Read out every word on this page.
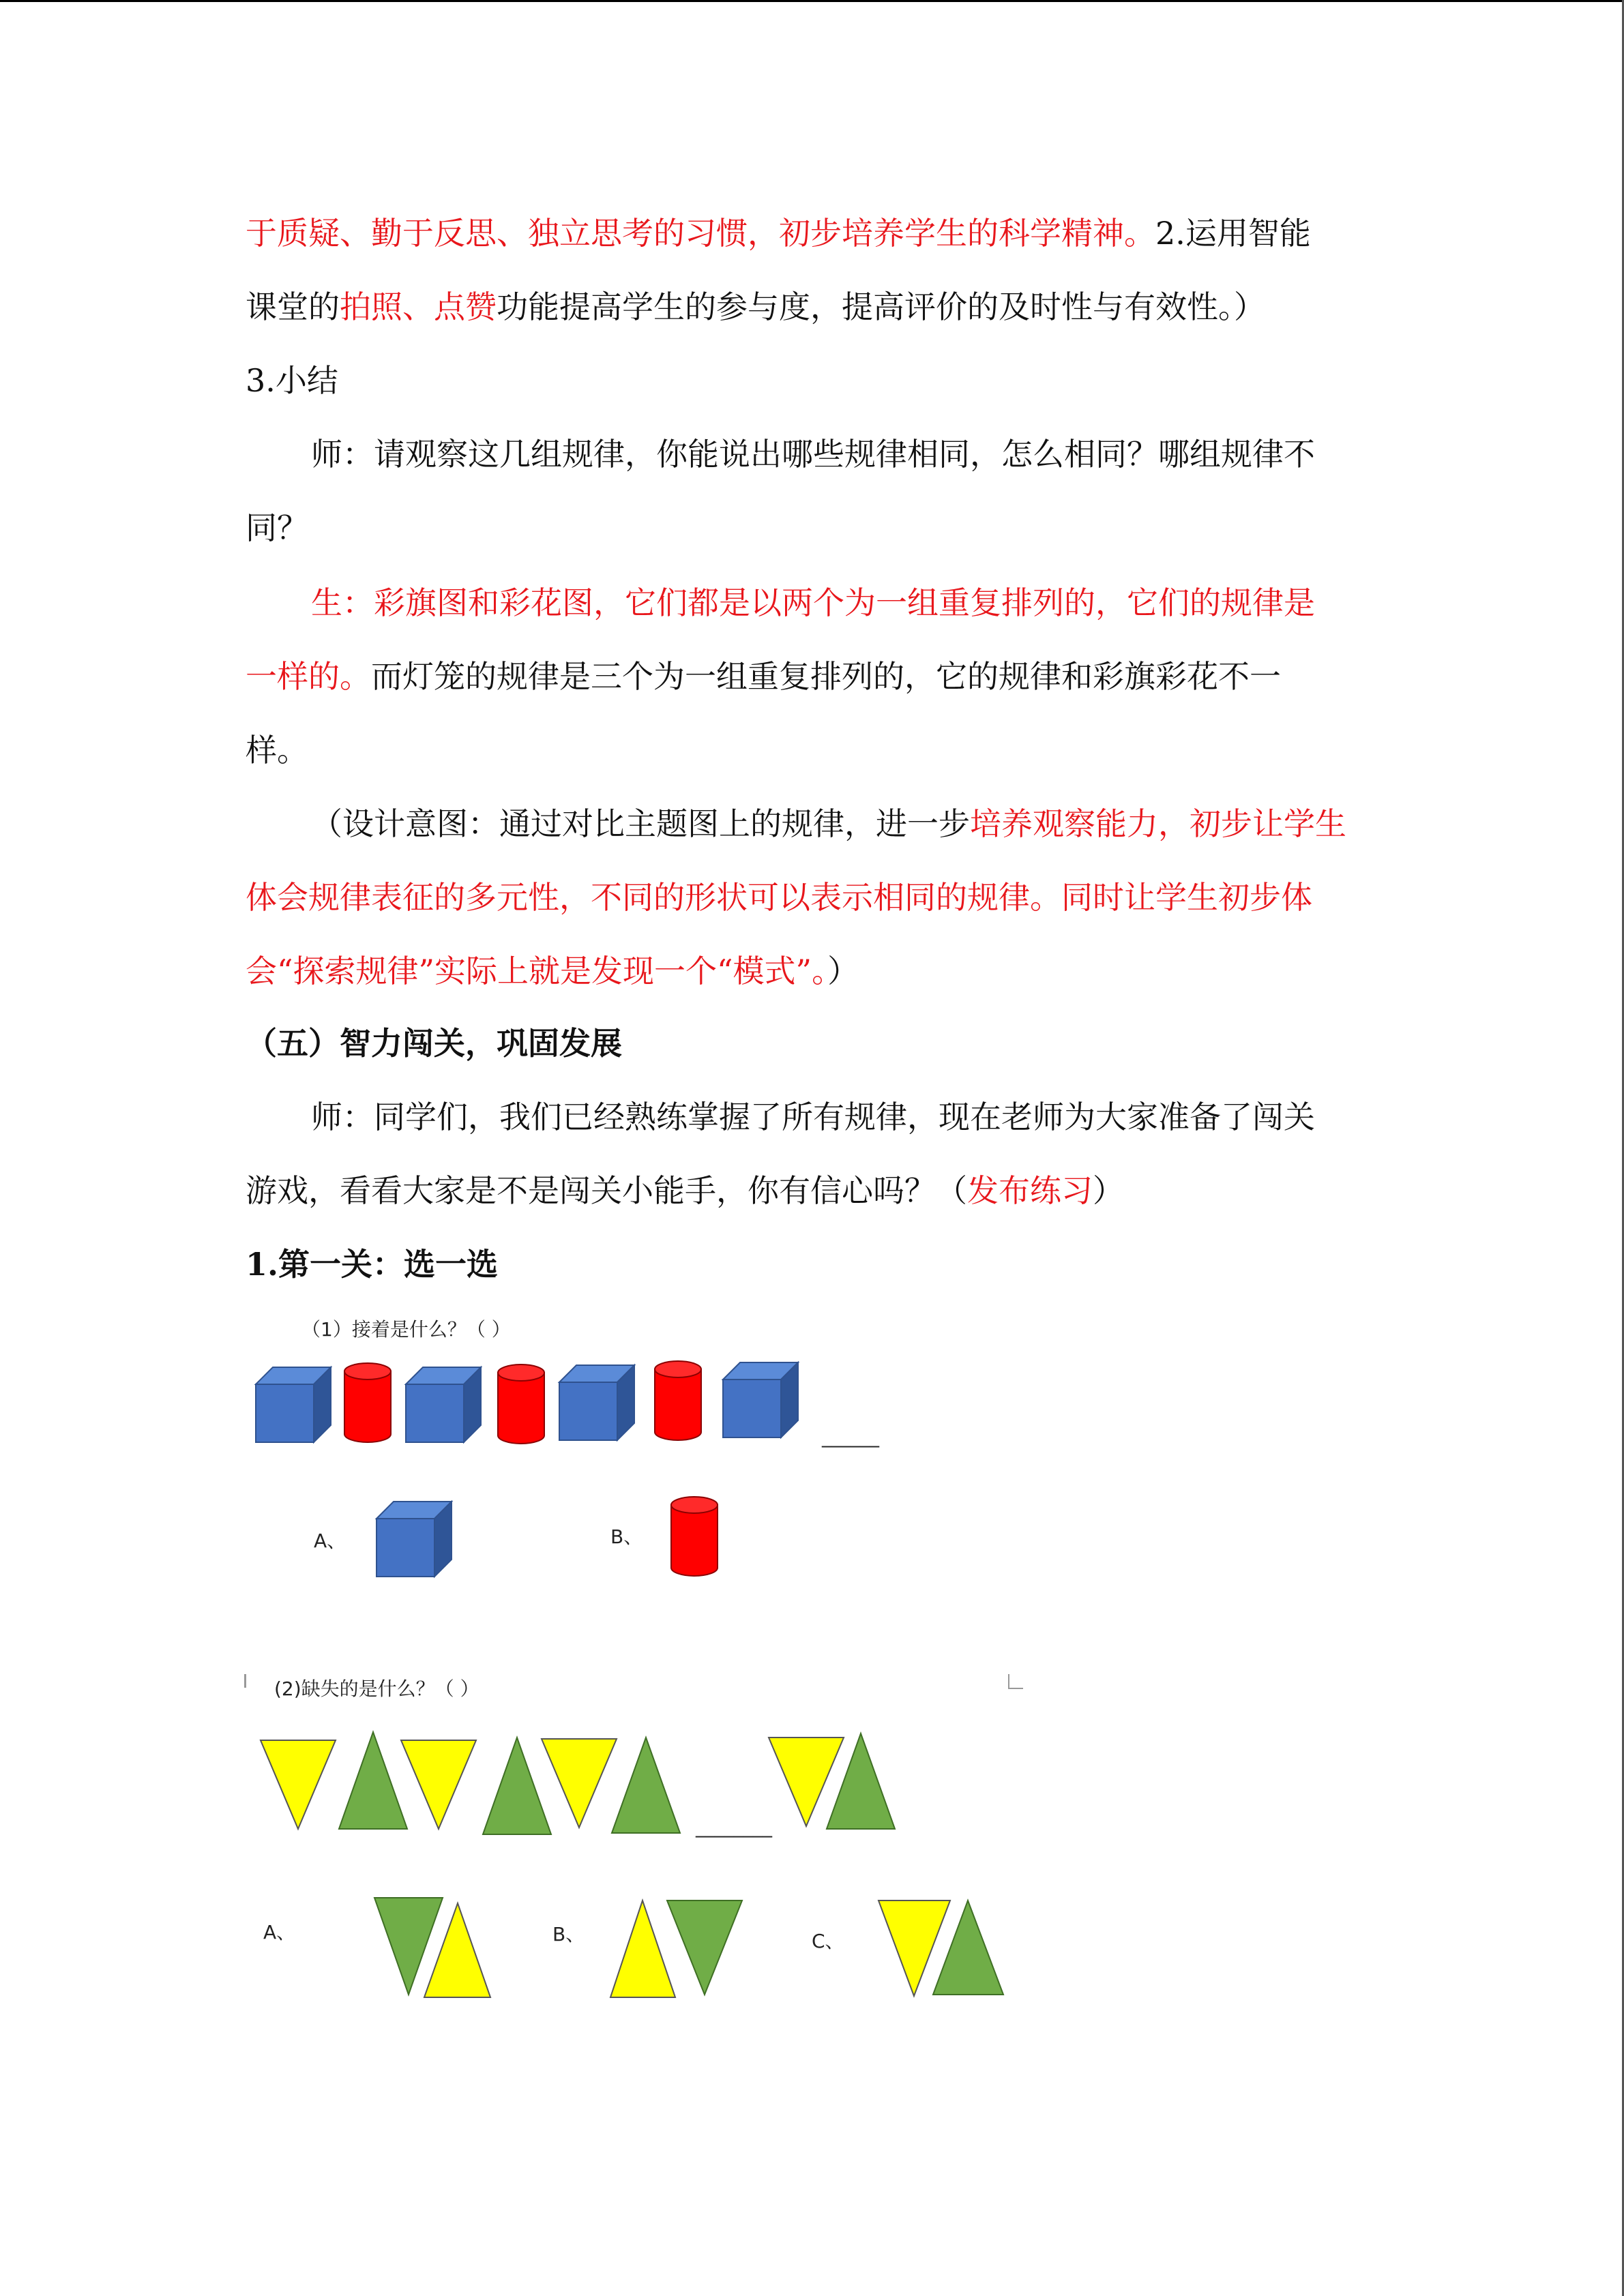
于质疑、勤于反思、独立思考的习惯，初步培养学生的科学精神。2.运用智能
课堂的拍照、点赞功能提高学生的参与度，提高评价的及时性与有效性。）
3.小结
师：请观察这几组规律，你能说出哪些规律相同，怎么相同？哪组规律不
同？
生：彩旗图和彩花图，它们都是以两个为一组重复排列的，它们的规律是
一样的。而灯笼的规律是三个为一组重复排列的，它的规律和彩旗彩花不一
样。
（设计意图：通过对比主题图上的规律，进一步培养观察能力，初步让学生
体会规律表征的多元性，不同的形状可以表示相同的规律。同时让学生初步体
会“探索规律”实际上就是发现一个“模式”。）
（五）智力闯关，巩固发展
师：同学们，我们已经熟练掌握了所有规律，现在老师为大家准备了闯关
游戏，看看大家是不是闯关小能手，你有信心吗？（发布练习）
1.第一关：选一选
（1）接着是什么？（ ）
______
A、	B、
(2)缺失的是什么？（ ）
________
A、	B、	C、
